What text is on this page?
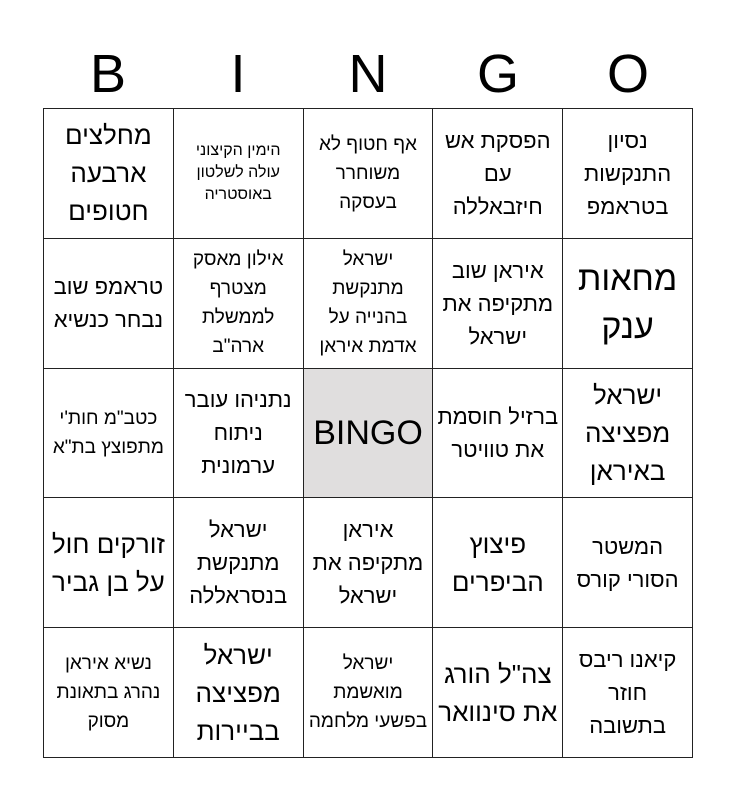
B	I	N	G	O
מחלצים ארבעה חטופים
הימין הקיצוני עולה לשלטון באוסטריה
אף חטוף לא משוחרר בעסקה
הפסקת אש עם חיזבאללה
נסיון התנקשות בטראמפ
טראמפ שוב נבחר כנשיא
אילון מאסק מצטרף לממשלת ארה"ב
ישראל מתנקשת בהנייה על אדמת איראן
איראן שוב מתקיפה את ישראל
מחאות ענק
כטב"מ חות'י מתפוצץ בת"א
נתניהו עובר ניתוח ערמונית
BINGO ברזיל חוסמת את טוויטר
ישראל מפציצה באיראן
זורקים חול על בן גביר
ישראל מתנקשת בנסראללה
איראן מתקיפה את ישראל
פיצוץ הביפרים
המשטר הסורי קורס
נשיא איראן נהרג בתאונת מסוק
ישראל מפציצה בביירות
ישראל מואשמת בפשעי מלחמה
צה"ל הורג את סינוואר
קיאנו ריבס חוזר בתשובה
